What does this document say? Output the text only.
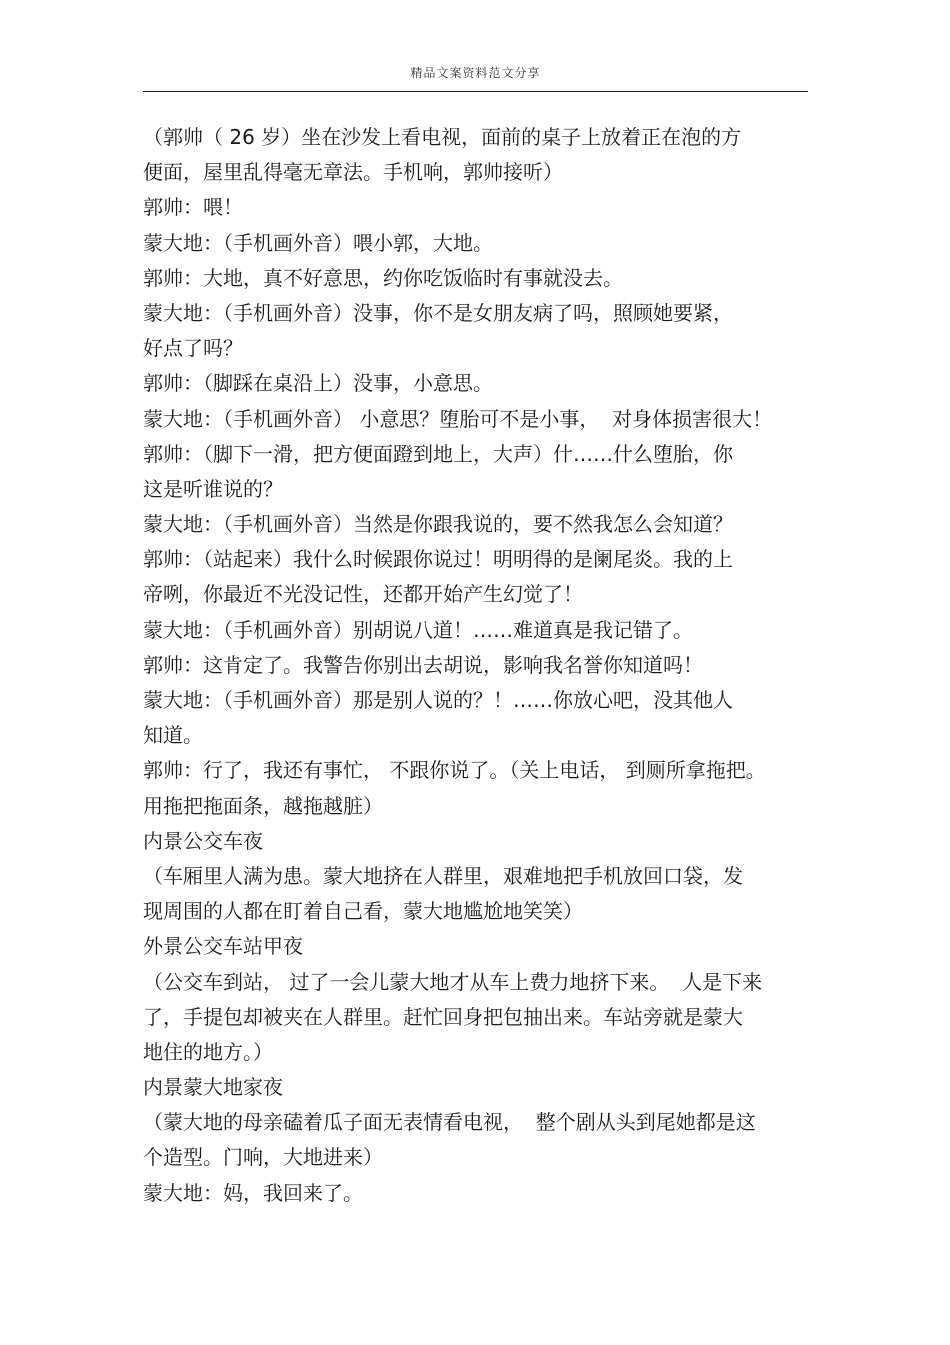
精品文案资料范文分享
（郭帅（ 26 岁）坐在沙发上看电视，面前的桌子上放着正在泡的方
便面，屋里乱得毫无章法。手机响，郭帅接听）
郭帅：喂！
蒙大地：（手机画外音）喂小郭，大地。
郭帅：大地，真不好意思，约你吃饭临时有事就没去。
蒙大地：（手机画外音）没事，你不是女朋友病了吗，照顾她要紧，
好点了吗？
郭帅：（脚踩在桌沿上）没事，小意思。
蒙大地：（手机画外音） 小意思？堕胎可不是小事，  对身体损害很大！
郭帅：（脚下一滑，把方便面蹬到地上，大声）什……什么堕胎，你
这是听谁说的？
蒙大地：（手机画外音）当然是你跟我说的，要不然我怎么会知道？
郭帅：（站起来）我什么时候跟你说过！明明得的是阑尾炎。我的上
帝咧，你最近不光没记性，还都开始产生幻觉了！
蒙大地：（手机画外音）别胡说八道！……难道真是我记错了。
郭帅：这肯定了。我警告你别出去胡说，影响我名誉你知道吗！
蒙大地：（手机画外音）那是别人说的？！……你放心吧，没其他人
知道。
郭帅：行了，我还有事忙， 不跟你说了。（关上电话， 到厕所拿拖把。
用拖把拖面条，越拖越脏）
内景公交车夜
（车厢里人满为患。蒙大地挤在人群里，艰难地把手机放回口袋，发
现周围的人都在盯着自己看，蒙大地尴尬地笑笑）
外景公交车站甲夜
（公交车到站， 过了一会儿蒙大地才从车上费力地挤下来。  人是下来
了，手提包却被夹在人群里。赶忙回身把包抽出来。车站旁就是蒙大
地住的地方。）
内景蒙大地家夜
（蒙大地的母亲磕着瓜子面无表情看电视，  整个剧从头到尾她都是这
个造型。门响，大地进来）
蒙大地：妈，我回来了。
